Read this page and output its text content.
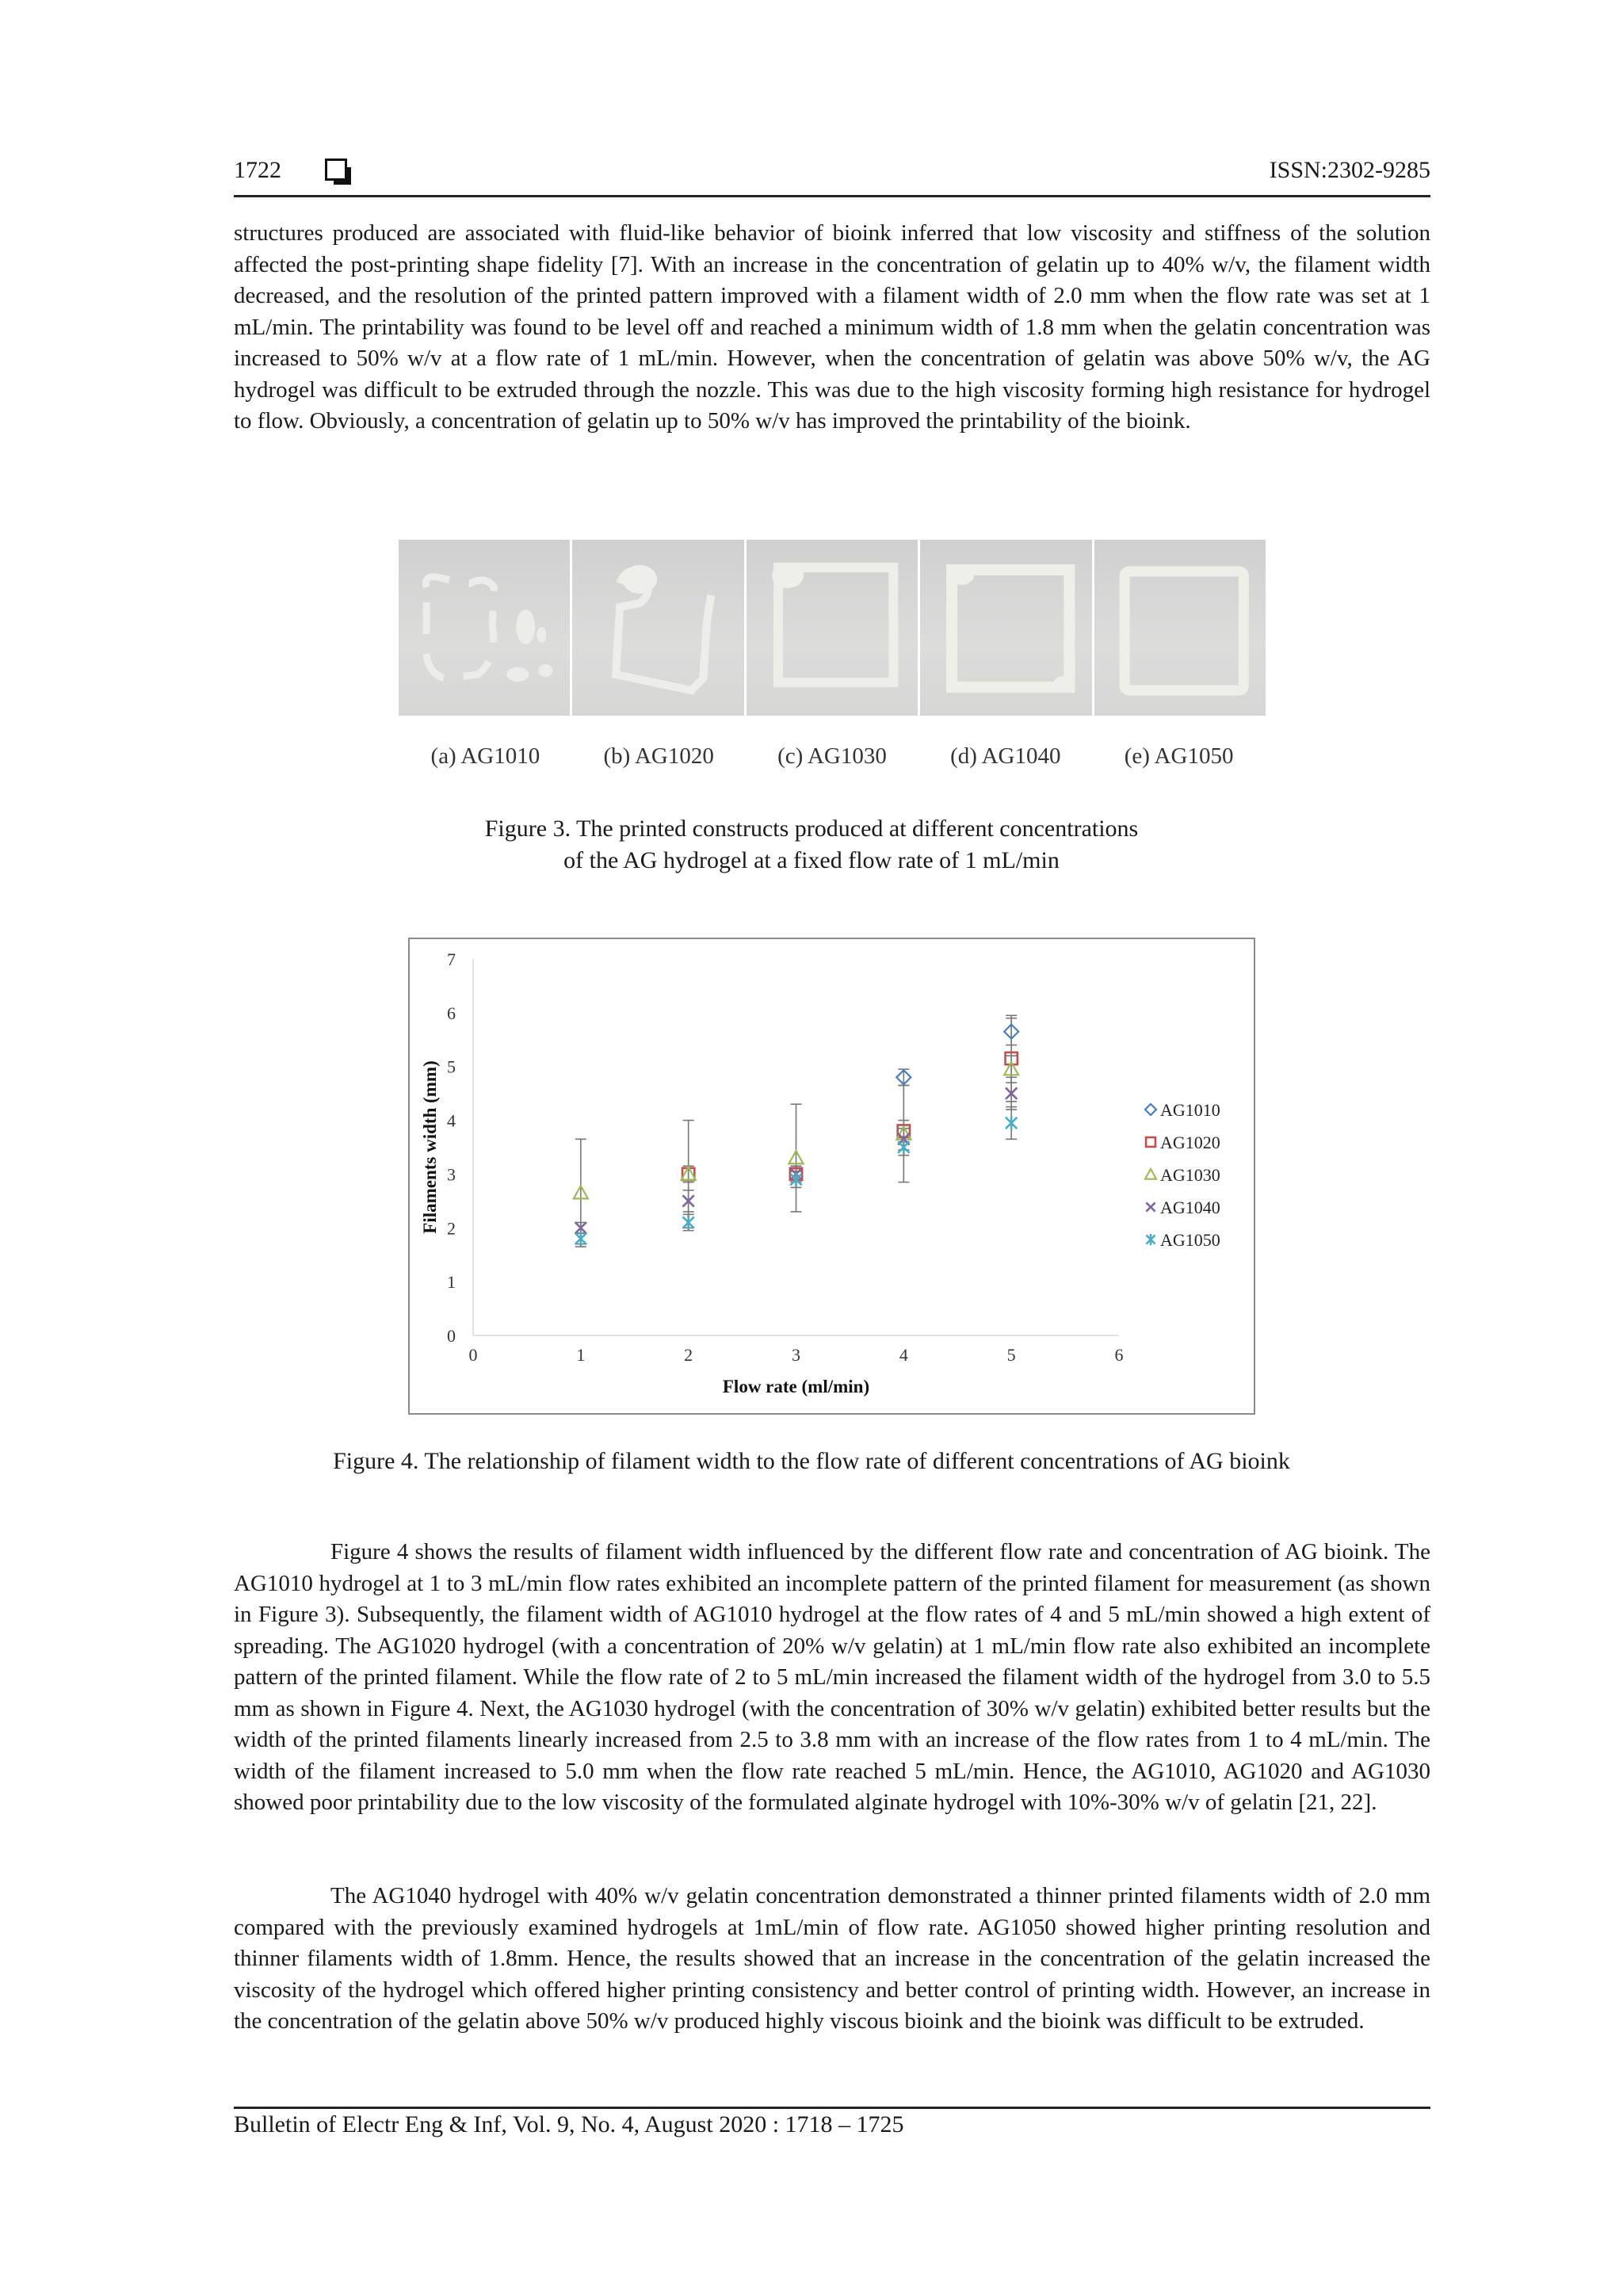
1722	ISSN:2302-9285

structures produced are associated with fluid-like behavior of bioink inferred that low viscosity and stiffness of the solution affected the post-printing shape fidelity [7]. With an increase in the concentration of gelatin up to 40% w/v, the filament width decreased, and the resolution of the printed pattern improved with a filament width of 2.0 mm when the flow rate was set at 1 mL/min. The printability was found to be level off and reached a minimum width of 1.8 mm when the gelatin concentration was increased to 50% w/v at a flow rate of 1 mL/min. However, when the concentration of gelatin was above 50% w/v, the AG hydrogel was difficult to be extruded through the nozzle. This was due to the high viscosity forming high resistance for hydrogel to flow. Obviously, a concentration of gelatin up to 50% w/v has improved the printability of the bioink.

(a) AG1010	(b) AG1020	(c) AG1030	(d) AG1040	(e) AG1050
Figure 3. The printed constructs produced at different concentrations
of the AG hydrogel at a fixed flow rate of 1 mL/min
0
1
2
3
4
5
6
7
0	1	2	3	4	5	6
Flow rate (ml/min)
Filaments width (mm)	AG1010
AG1020
AG1030
AG1040
AG1050
Figure 4. The relationship of filament width to the flow rate of different concentrations of AG bioink

Figure 4 shows the results of filament width influenced by the different flow rate and concentration of AG bioink. The AG1010 hydrogel at 1 to 3 mL/min flow rates exhibited an incomplete pattern of the printed filament for measurement (as shown in Figure 3). Subsequently, the filament width of AG1010 hydrogel at the flow rates of 4 and 5 mL/min showed a high extent of spreading. The AG1020 hydrogel (with a concentration of 20% w/v gelatin) at 1 mL/min flow rate also exhibited an incomplete pattern of the printed filament. While the flow rate of 2 to 5 mL/min increased the filament width of the hydrogel from 3.0 to 5.5 mm as shown in Figure 4. Next, the AG1030 hydrogel (with the concentration of 30% w/v gelatin) exhibited better results but the width of the printed filaments linearly increased from 2.5 to 3.8 mm with an increase of the flow rates from 1 to 4 mL/min. The width of the filament increased to 5.0 mm when the flow rate reached 5 mL/min. Hence, the AG1010, AG1020 and AG1030 showed poor printability due to the low viscosity of the formulated alginate hydrogel with 10%-30% w/v of gelatin [21, 22].

The AG1040 hydrogel with 40% w/v gelatin concentration demonstrated a thinner printed filaments width of 2.0 mm compared with the previously examined hydrogels at 1mL/min of flow rate. AG1050 showed higher printing resolution and thinner filaments width of 1.8mm. Hence, the results showed that an increase in the concentration of the gelatin increased the viscosity of the hydrogel which offered higher printing consistency and better control of printing width. However, an increase in the concentration of the gelatin above 50% w/v produced highly viscous bioink and the bioink was difficult to be extruded.

Bulletin of Electr Eng & Inf, Vol. 9, No. 4, August 2020 : 1718 – 1725
